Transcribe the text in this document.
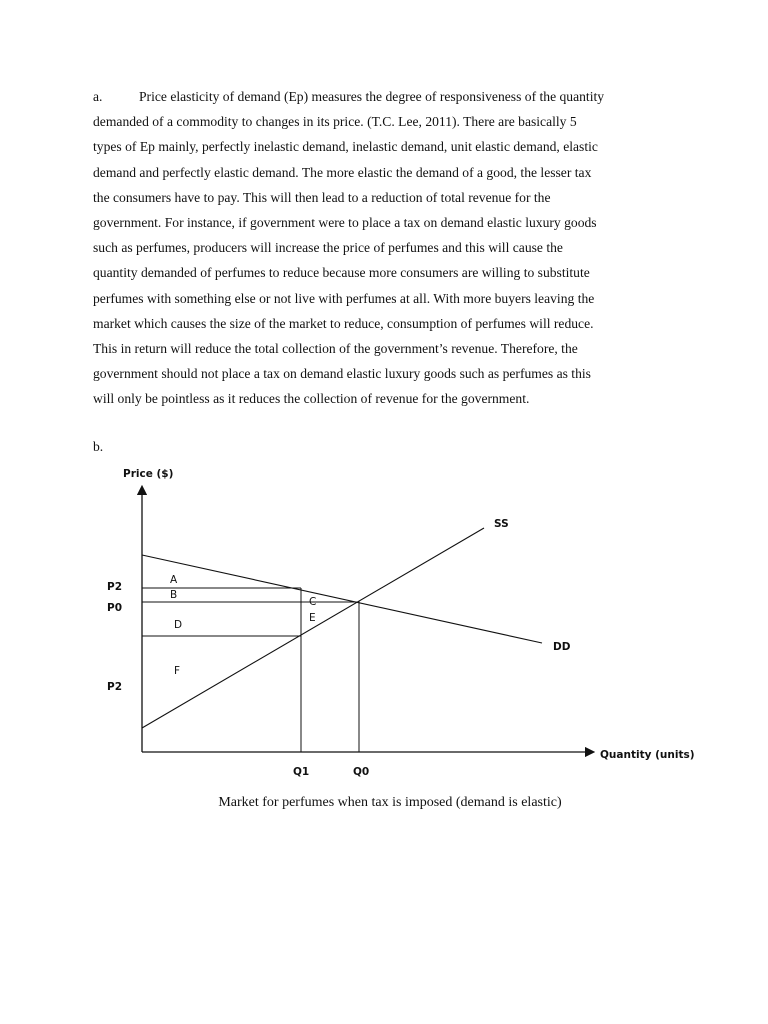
a.	Price elasticity of demand (Ep) measures the degree of responsiveness of the quantity
demanded of a commodity to changes in its price. (T.C. Lee, 2011). There are basically 5
types of Ep mainly, perfectly inelastic demand, inelastic demand, unit elastic demand, elastic
demand and perfectly elastic demand. The more elastic the demand of a good, the lesser tax
the consumers have to pay. This will then lead to a reduction of total revenue for the
government. For instance, if government were to place a tax on demand elastic luxury goods
such as perfumes, producers will increase the price of perfumes and this will cause the
quantity demanded of perfumes to reduce because more consumers are willing to substitute
perfumes with something else or not live with perfumes at all. With more buyers leaving the
market which causes the size of the market to reduce, consumption of perfumes will reduce.
This in return will reduce the total collection of the government’s revenue. Therefore, the
government should not place a tax on demand elastic luxury goods such as perfumes as this
will only be pointless as it reduces the collection of revenue for the government.

b.
Price ($)
Quantity (units)
SS
DD
P2
P0
P2
Q1	Q0
A
B
C
D
E
F
Market for perfumes when tax is imposed (demand is elastic)
